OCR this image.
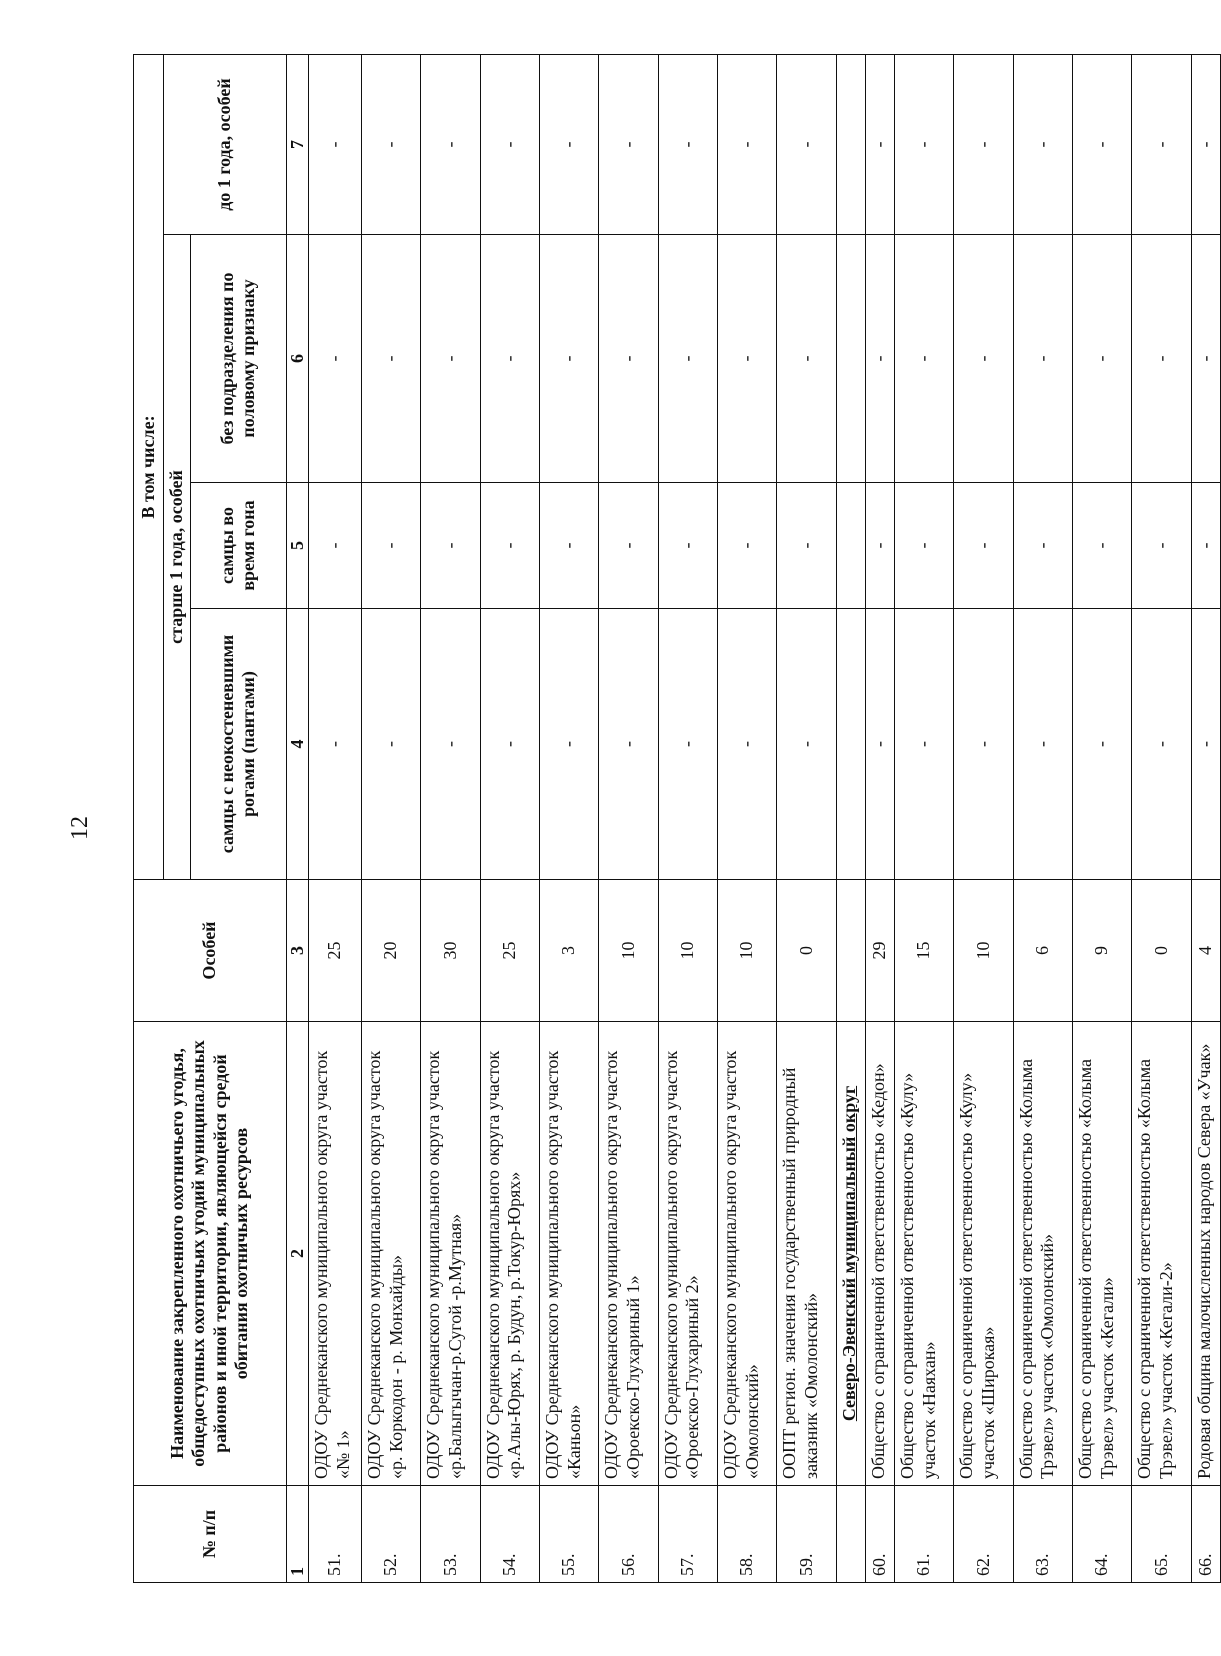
12
№ п/п	Наименование закрепленного охотничьего угодья, общедоступных охотничьих угодий муниципальных районов и иной территории, являющейся средой обитания охотничьих ресурсов	Особей	В том числе:			
			старше 1 года, особей			до 1 года, особей
			самцы с неокостеневшими рогами (пантами)	самцы во время гона	без подразделения по половому признаку	
1	2	3	4	5	6	7
51.	ОДОУ Среднеканского муниципального округа участок «№ 1»	25	-	-	-	-
52.	ОДОУ Среднеканского муниципального округа участок «р. Коркодон - р. Монхайды»	20	-	-	-	-
53.	ОДОУ Среднеканского муниципального округа участок «р.Балыгычан-р.Сугой -р.Мутная»	30	-	-	-	-
54.	ОДОУ Среднеканского муниципального округа участок «р.Алы-Юрях, р. Будун, р.Токур-Юрях»	25	-	-	-	-
55.	ОДОУ Среднеканского муниципального округа участок «Каньон»	3	-	-	-	-
56.	ОДОУ Среднеканского муниципального округа участок «Oроекско-Глухариный 1»	10	-	-	-	-
57.	ОДОУ Среднеканского муниципального округа участок «Oроекско-Глухариный 2»	10	-	-	-	-
58.	ОДОУ Среднеканского муниципального округа участок «Омолонский»	10	-	-	-	-
59.	ООПТ регион. значения государственный природный заказник «Омолонский»	0	-	-	-	-
	Северо-Эвенский муниципальный округ					
60.	Общество с ограниченной ответственностью «Кедон»	29	-	-	-	-
61.	Общество с ограниченной ответственностью «Кулу» участок «Наяхан»	15	-	-	-	-
62.	Общество с ограниченной ответственностью «Кулу» участок «Широкая»	10	-	-	-	-
63.	Общество с ограниченной ответственностью «Колыма Трэвел» участок «Омолонский»	6	-	-	-	-
64.	Общество с ограниченной ответственностью «Колыма Трэвел» участок «Кегали»	9	-	-	-	-
65.	Общество с ограниченной ответственностью «Колыма Трэвел» участок «Кегали-2»	0	-	-	-	-
66.	Родовая община малочисленных народов Севера «Учак»	4	-	-	-	-
